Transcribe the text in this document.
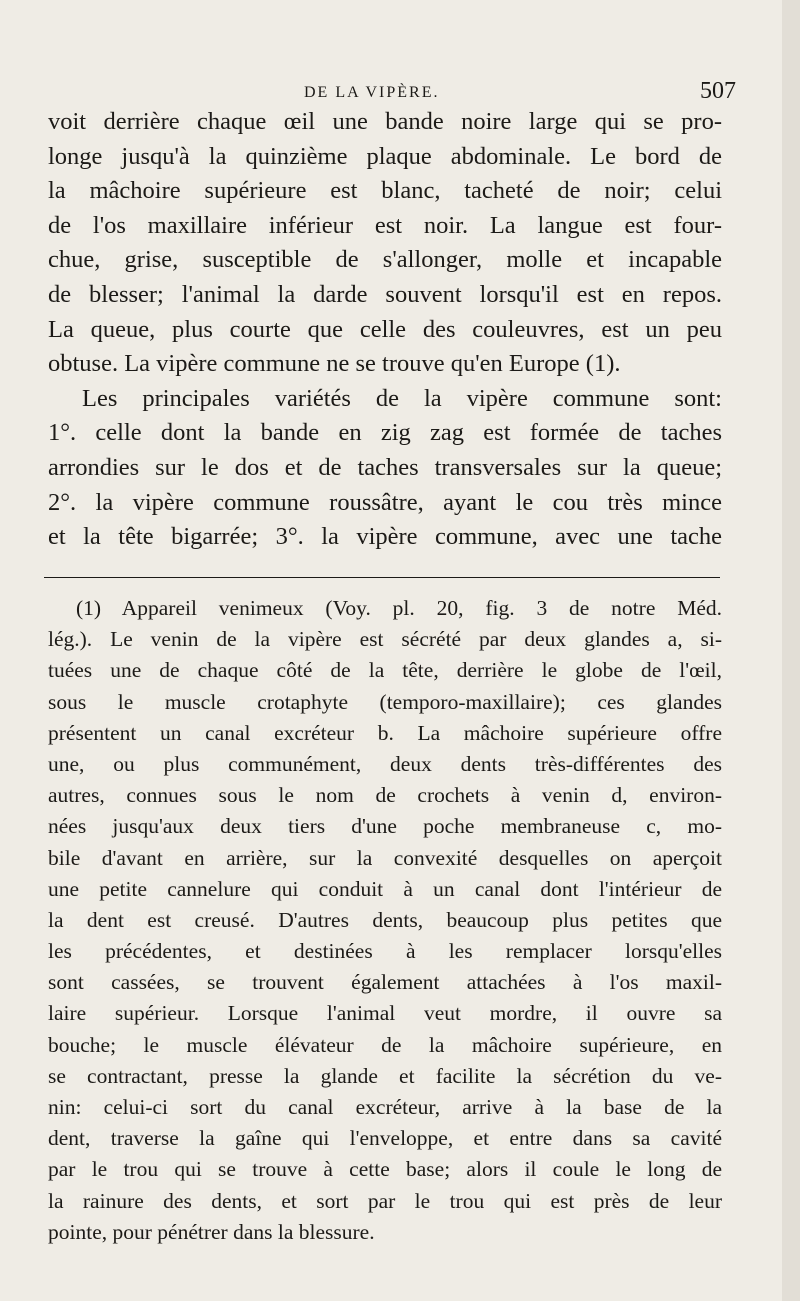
DE LA VIPÈRE.	507

voit derrière chaque œil une bande noire large qui se pro-
longe jusqu'à la quinzième plaque abdominale. Le bord de
la mâchoire supérieure est blanc, tacheté de noir; celui
de l'os maxillaire inférieur est noir. La langue est four-
chue, grise, susceptible de s'allonger, molle et incapable
de blesser; l'animal la darde souvent lorsqu'il est en repos.
La queue, plus courte que celle des couleuvres, est un peu
obtuse. La vipère commune ne se trouve qu'en Europe (1).
Les principales variétés de la vipère commune sont:
1°. celle dont la bande en zig zag est formée de taches
arrondies sur le dos et de taches transversales sur la queue;
2°. la vipère commune roussâtre, ayant le cou très mince
et la tête bigarrée; 3°. la vipère commune, avec une tache

(1) Appareil venimeux (Voy. pl. 20, fig. 3 de notre Méd.
lég.). Le venin de la vipère est sécrété par deux glandes a, si-
tuées une de chaque côté de la tête, derrière le globe de l'œil,
sous le muscle crotaphyte (temporo-maxillaire); ces glandes
présentent un canal excréteur b. La mâchoire supérieure offre
une, ou plus communément, deux dents très-différentes des
autres, connues sous le nom de crochets à venin d, environ-
nées jusqu'aux deux tiers d'une poche membraneuse c, mo-
bile d'avant en arrière, sur la convexité desquelles on aperçoit
une petite cannelure qui conduit à un canal dont l'intérieur de
la dent est creusé. D'autres dents, beaucoup plus petites que
les précédentes, et destinées à les remplacer lorsqu'elles
sont cassées, se trouvent également attachées à l'os maxil-
laire supérieur. Lorsque l'animal veut mordre, il ouvre sa
bouche; le muscle élévateur de la mâchoire supérieure, en
se contractant, presse la glande et facilite la sécrétion du ve-
nin: celui-ci sort du canal excréteur, arrive à la base de la
dent, traverse la gaîne qui l'enveloppe, et entre dans sa cavité
par le trou qui se trouve à cette base; alors il coule le long de
la rainure des dents, et sort par le trou qui est près de leur
pointe, pour pénétrer dans la blessure.
